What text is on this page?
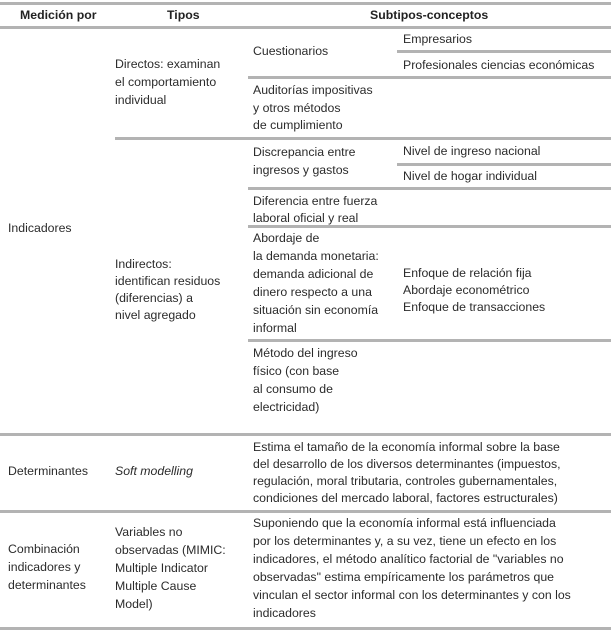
Medición por	Tipos	Subtipos-conceptos
Indicadores
Directos: examinan
el comportamiento
individual
Cuestionarios
Empresarios
Profesionales ciencias económicas
Auditorías impositivas
y otros métodos
de cumplimiento
Indirectos:
identifican residuos
(diferencias) a
nivel agregado
Discrepancia entre
ingresos y gastos
Nivel de ingreso nacional
Nivel de hogar individual
Diferencia entre fuerza
laboral oficial y real
Abordaje de
la demanda monetaria:
demanda adicional de
dinero respecto a una
situación sin economía
informal
Enfoque de relación fija
Abordaje econométrico
Enfoque de transacciones
Método del ingreso
físico (con base
al consumo de
electricidad)
Determinantes Soft modelling
Estima el tamaño de la economía informal sobre la base
del desarrollo de los diversos determinantes (impuestos,
regulación, moral tributaria, controles gubernamentales,
condiciones del mercado laboral, factores estructurales)
Combinación
indicadores y
determinantes
Variables no
observadas (MIMIC:
Multiple Indicator
Multiple Cause
Model)
Suponiendo que la economía informal está influenciada
por los determinantes y, a su vez, tiene un efecto en los
indicadores, el método analítico factorial de "variables no
observadas" estima empíricamente los parámetros que
vinculan el sector informal con los determinantes y con los
indicadores
